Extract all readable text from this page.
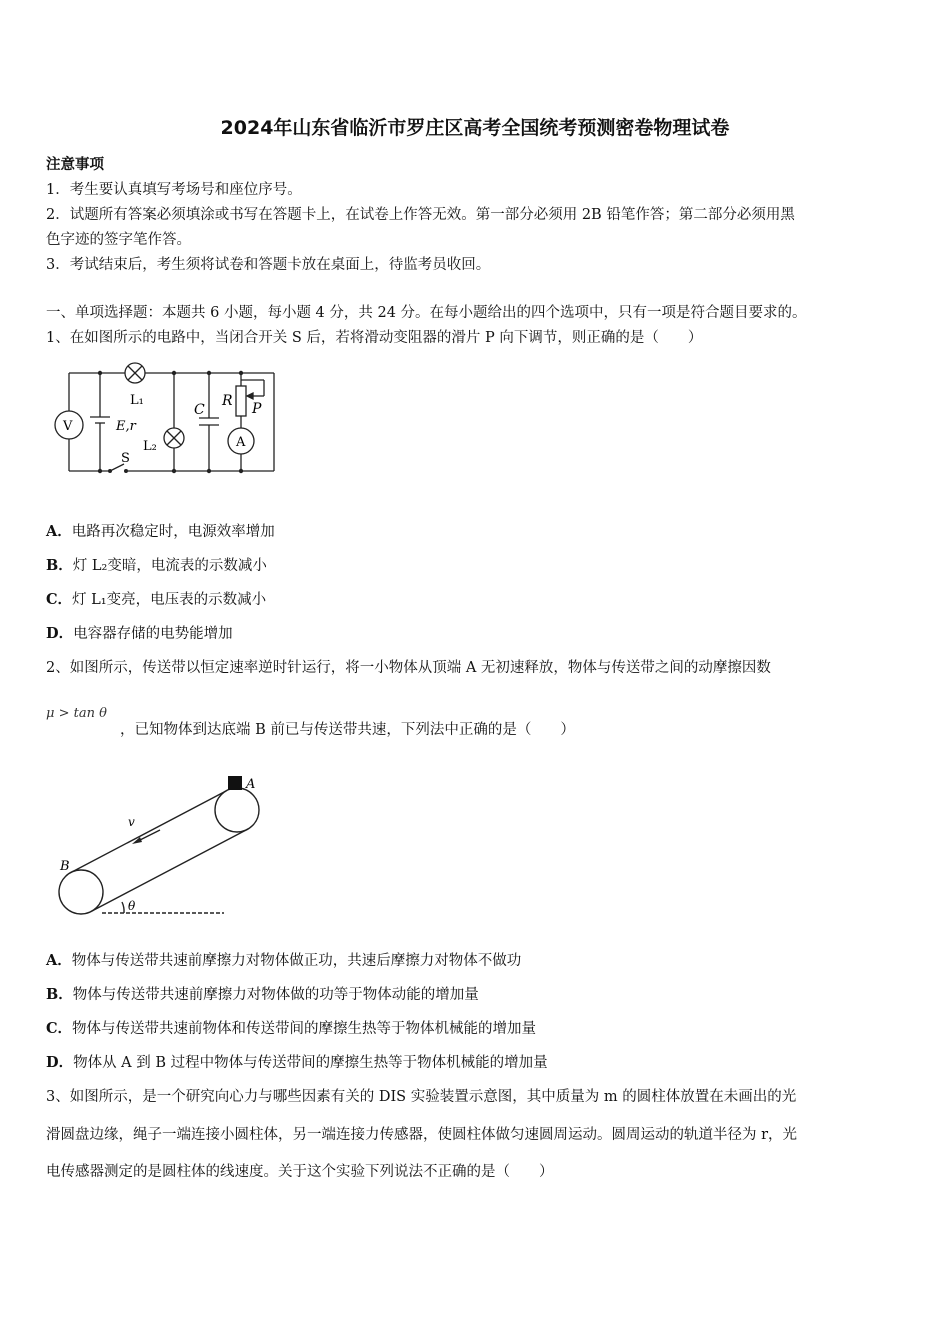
2024年山东省临沂市罗庄区高考全国统考预测密卷物理试卷
注意事项
1．考生要认真填写考场号和座位序号。
2．试题所有答案必须填涂或书写在答题卡上，在试卷上作答无效。第一部分必须用 2B 铅笔作答；第二部分必须用黑
色字迹的签字笔作答。
3．考试结束后，考生须将试卷和答题卡放在桌面上，待监考员收回。
一、单项选择题：本题共 6 小题，每小题 4 分，共 24 分。在每小题给出的四个选项中，只有一项是符合题目要求的。
1、在如图所示的电路中，当闭合开关 S 后，若将滑动变阻器的滑片 P 向下调节，则正确的是（　　）
V
L₁
E,r
L₂
S
C
R P
A
A．电路再次稳定时，电源效率增加
B．灯 L₂变暗，电流表的示数减小
C．灯 L₁变亮，电压表的示数减小
D．电容器存储的电势能增加
2、如图所示，传送带以恒定速率逆时针运行，将一小物体从顶端 A 无初速释放，物体与传送带之间的动摩擦因数
μ > tan θ
，已知物体到达底端 B 前已与传送带共速，下列法中正确的是（　　）
A
B
v
θ
A．物体与传送带共速前摩擦力对物体做正功，共速后摩擦力对物体不做功
B．物体与传送带共速前摩擦力对物体做的功等于物体动能的增加量
C．物体与传送带共速前物体和传送带间的摩擦生热等于物体机械能的增加量
D．物体从 A 到 B 过程中物体与传送带间的摩擦生热等于物体机械能的增加量
3、如图所示，是一个研究向心力与哪些因素有关的 DIS 实验装置示意图，其中质量为 m 的圆柱体放置在未画出的光
滑圆盘边缘，绳子一端连接小圆柱体，另一端连接力传感器，使圆柱体做匀速圆周运动。圆周运动的轨道半径为 r，光
电传感器测定的是圆柱体的线速度。关于这个实验下列说法不正确的是（　　）
